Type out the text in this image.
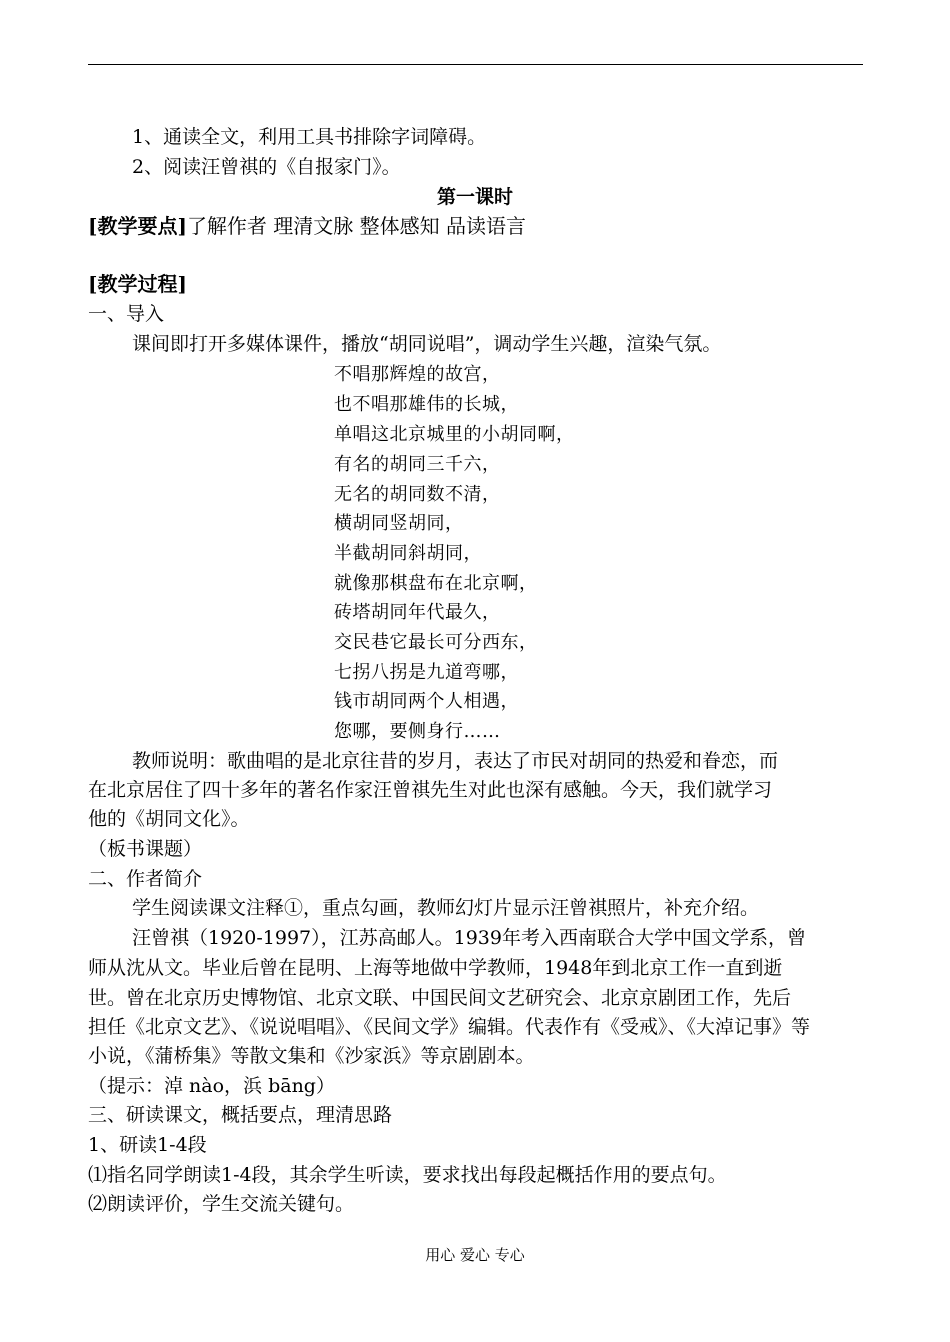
1、通读全文，利用工具书排除字词障碍。
2、阅读汪曾祺的《自报家门》。
第一课时
[教学要点]了解作者 理清文脉 整体感知 品读语言
[教学过程]
一、导入
课间即打开多媒体课件，播放“胡同说唱”，调动学生兴趣，渲染气氛。
不唱那辉煌的故宫，
也不唱那雄伟的长城，
单唱这北京城里的小胡同啊，
有名的胡同三千六，
无名的胡同数不清，
横胡同竖胡同，
半截胡同斜胡同，
就像那棋盘布在北京啊，
砖塔胡同年代最久，
交民巷它最长可分西东，
七拐八拐是九道弯哪，
钱市胡同两个人相遇，
您哪，要侧身行……
教师说明：歌曲唱的是北京往昔的岁月，表达了市民对胡同的热爱和眷恋，而
在北京居住了四十多年的著名作家汪曾祺先生对此也深有感触。今天，我们就学习
他的《胡同文化》。
（板书课题）
二、作者简介
学生阅读课文注释①，重点勾画，教师幻灯片显示汪曾祺照片，补充介绍。
汪曾祺（1920-1997），江苏高邮人。1939年考入西南联合大学中国文学系，曾
师从沈从文。毕业后曾在昆明、上海等地做中学教师，1948年到北京工作一直到逝
世。曾在北京历史博物馆、北京文联、中国民间文艺研究会、北京京剧团工作，先后
担任《北京文艺》、《说说唱唱》、《民间文学》编辑。代表作有《受戒》、《大淖记事》等
小说，《蒲桥集》等散文集和《沙家浜》等京剧剧本。
（提示：淖 nào，浜 bāng）
三、研读课文，概括要点，理清思路
1、研读1-4段
⑴指名同学朗读1-4段，其余学生听读，要求找出每段起概括作用的要点句。
⑵朗读评价，学生交流关键句。
用心 爱心 专心
